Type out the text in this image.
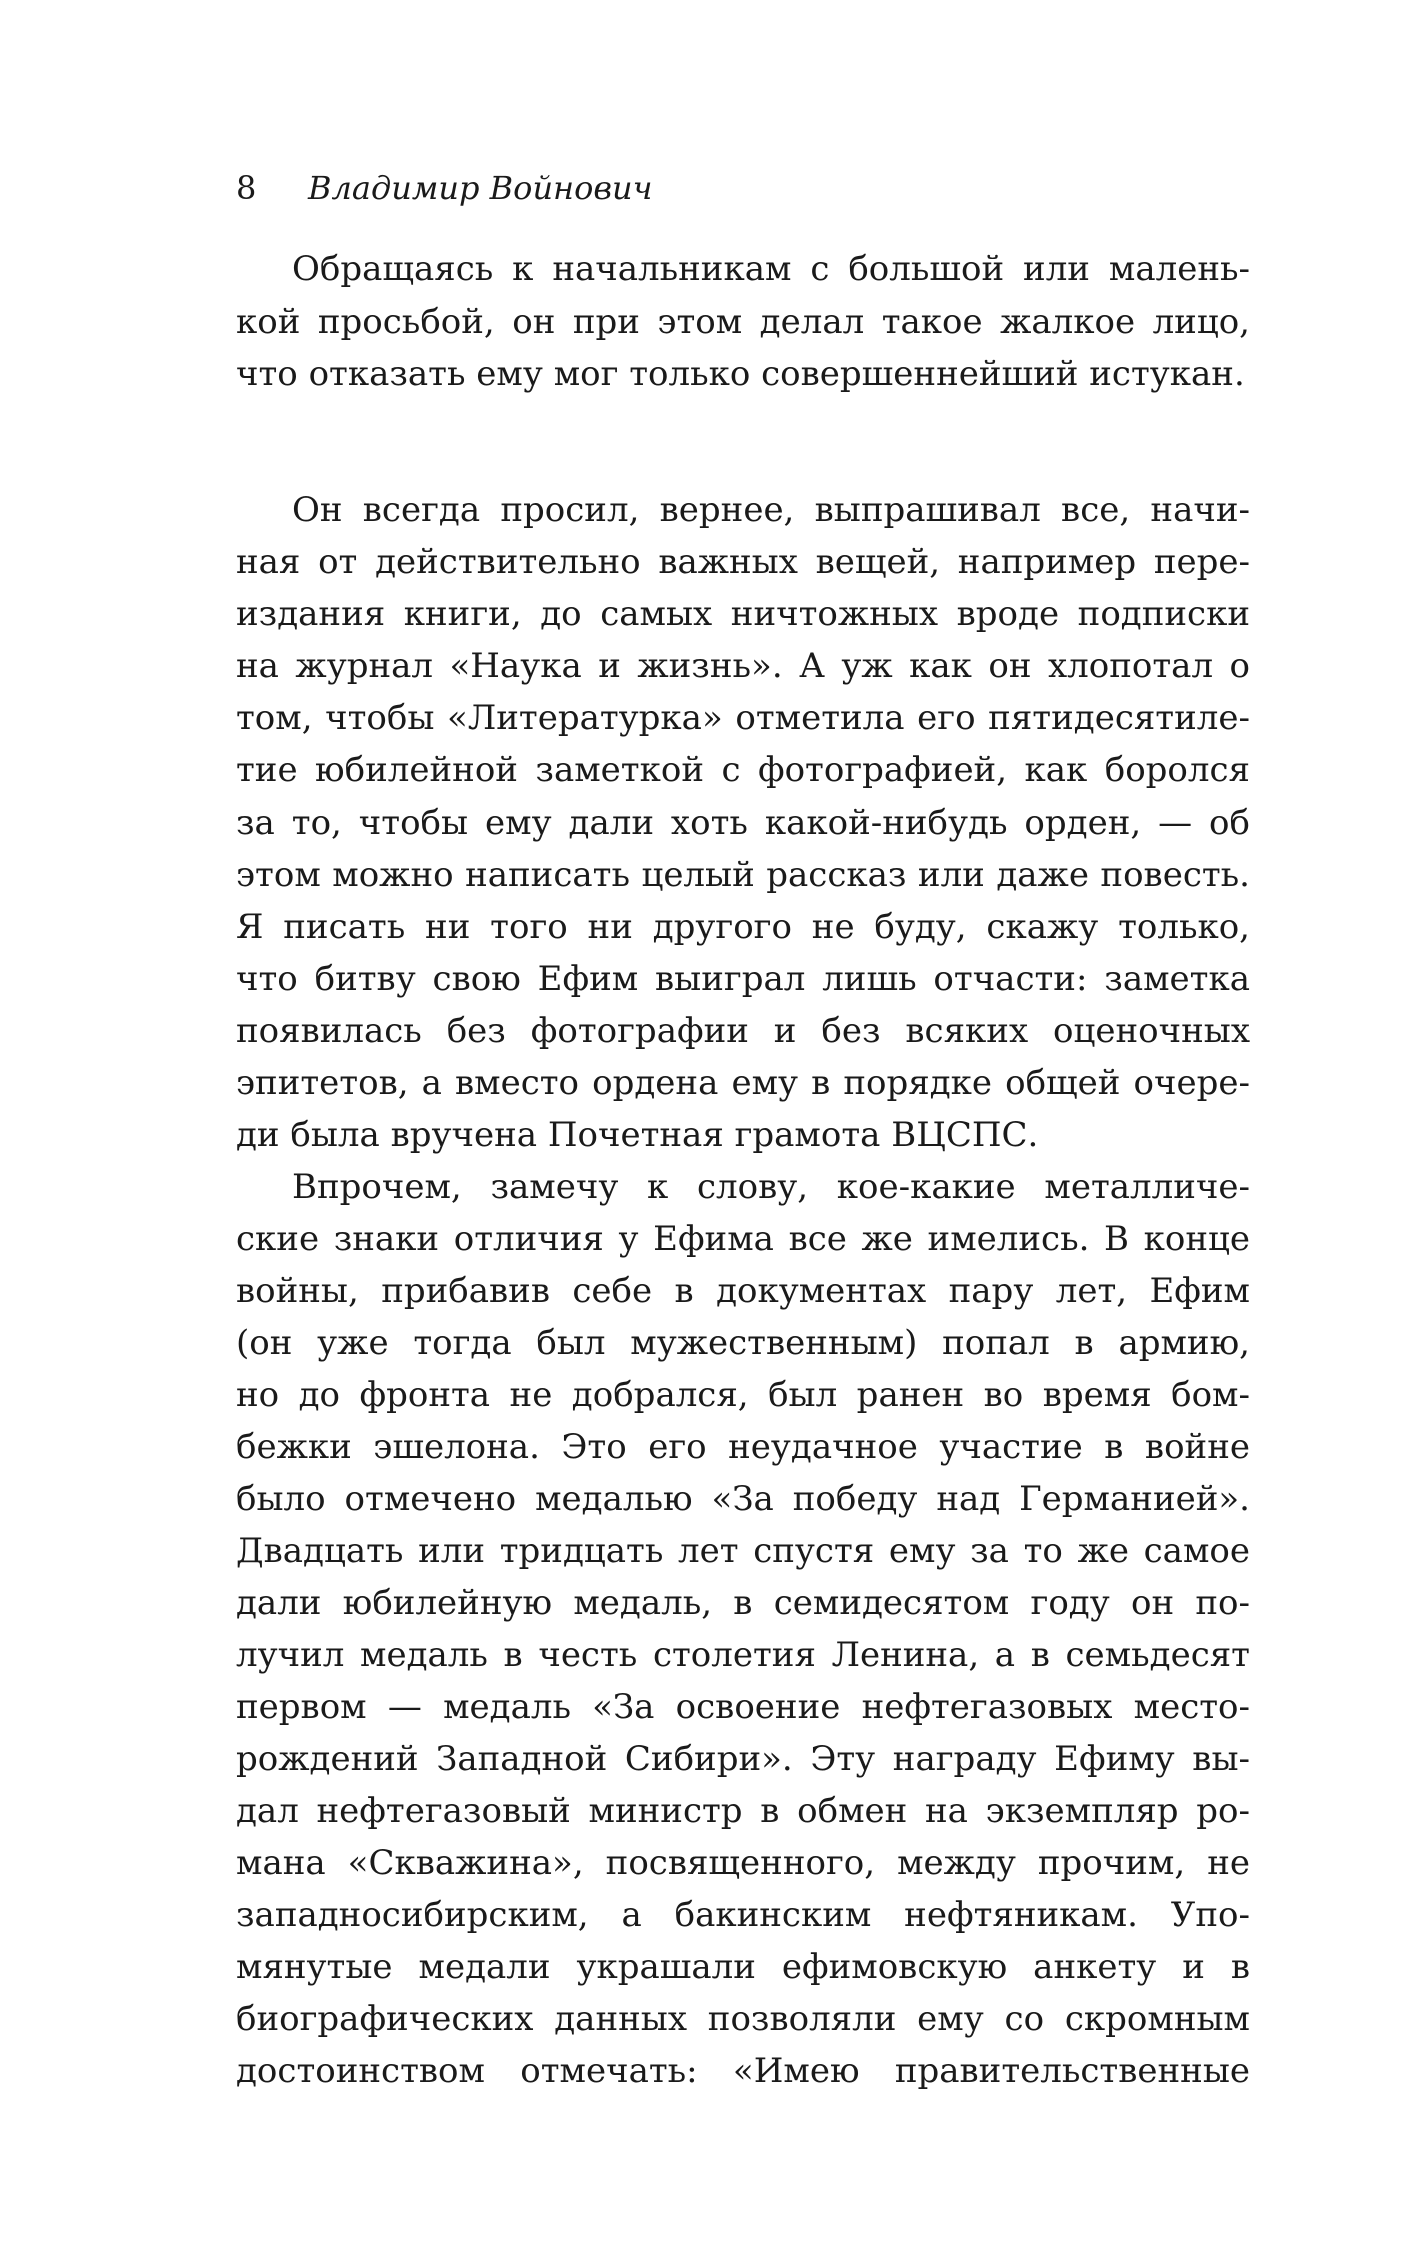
8 Владимир Войнович
Обращаясь к начальникам с большой или малень-
кой просьбой, он при этом делал такое жалкое лицо,
что отказать ему мог только совершеннейший истукан.
Он всегда просил, вернее, выпрашивал все, начи-
ная от действительно важных вещей, например пере-
издания книги, до самых ничтожных вроде подписки
на журнал «Наука и жизнь». А уж как он хлопотал о
том, чтобы «Литературка» отметила его пятидесятиле-
тие юбилейной заметкой с фотографией, как боролся
за то, чтобы ему дали хоть какой-нибудь орден, — об
этом можно написать целый рассказ или даже повесть.
Я писать ни того ни другого не буду, скажу только,
что битву свою Ефим выиграл лишь отчасти: заметка
появилась без фотографии и без всяких оценочных
эпитетов, а вместо ордена ему в порядке общей очере-
ди была вручена Почетная грамота ВЦСПС.
Впрочем, замечу к слову, кое-какие металличе-
ские знаки отличия у Ефима все же имелись. В конце
войны, прибавив себе в документах пару лет, Ефим
(он уже тогда был мужественным) попал в армию,
но до фронта не добрался, был ранен во время бом-
бежки эшелона. Это его неудачное участие в войне
было отмечено медалью «За победу над Германией».
Двадцать или тридцать лет спустя ему за то же самое
дали юбилейную медаль, в семидесятом году он по-
лучил медаль в честь столетия Ленина, а в семьдесят
первом — медаль «За освоение нефтегазовых место-
рождений Западной Сибири». Эту награду Ефиму вы-
дал нефтегазовый министр в обмен на экземпляр ро-
мана «Скважина», посвященного, между прочим, не
западносибирским, а бакинским нефтяникам. Упо-
мянутые медали украшали ефимовскую анкету и в
биографических данных позволяли ему со скромным
достоинством отмечать: «Имею правительственные
